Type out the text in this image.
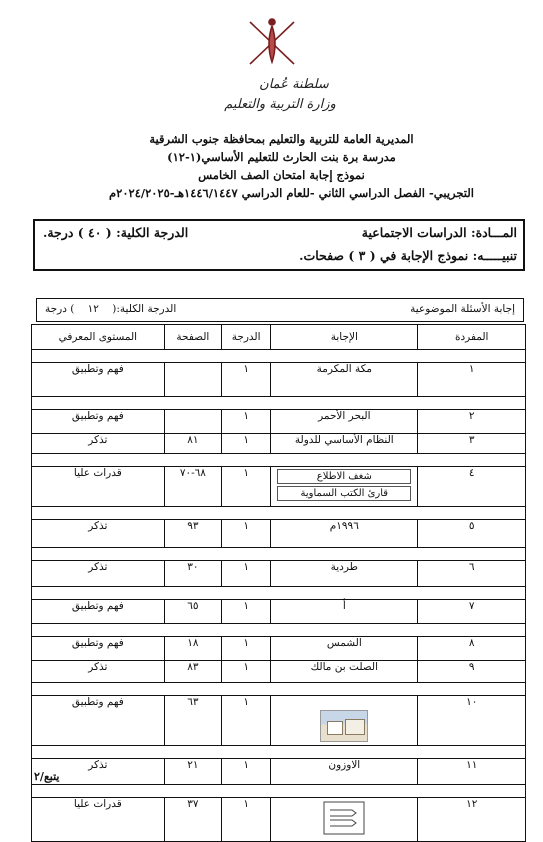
سلطنة عُمان
وزارة التربية والتعليم
المديرية العامة للتربية والتعليم بمحافظة جنوب الشرقية
مدرسة برة بنت الحارث للتعليم الأساسي(١-١٢)
نموذج إجابة امتحان الصف الخامس
التجريبي- الفصل الدراسي الثاني -للعام الدراسي ١٤٤٦/١٤٤٧هـ-٢٠٢٤/٢٠٢٥م
المـــادة: الدراسات الاجتماعية
الدرجة الكلية: ( ٤٠ ) درجة.
تنبيـــــه: نموذج الإجابة في ( ٣ ) صفحات.
إجابة الأسئلة الموضوعية
الدرجة الكلية:( ١٢ ) درجة
المفردة	الإجابة	الدرجة	الصفحة	المستوى المعرفي

١	مكة المكرمة	١		فهم وتطبيق

٢	البحر الأحمر	١		فهم وتطبيق
٣	النظام الأساسي للدولة	١	٨١	تذكر

٤	شغف الاطلاع
قارئ الكتب السماوية	١	٦٨-٧٠	قدرات عليا

٥	١٩٩٦م	١	٩٣	تذكر

٦	طردية	١	٣٠	تذكر

٧	أ	١	٦٥	فهم وتطبيق

٨	الشمس	١	١٨	فهم وتطبيق
٩	الصلت بن مالك	١	٨٣	تذكر

١٠		١	٦٣	فهم وتطبيق

١١	الاوزون	١	٢١	تذكر

١٢		١	٣٧	قدرات عليا
يتبع/٢
